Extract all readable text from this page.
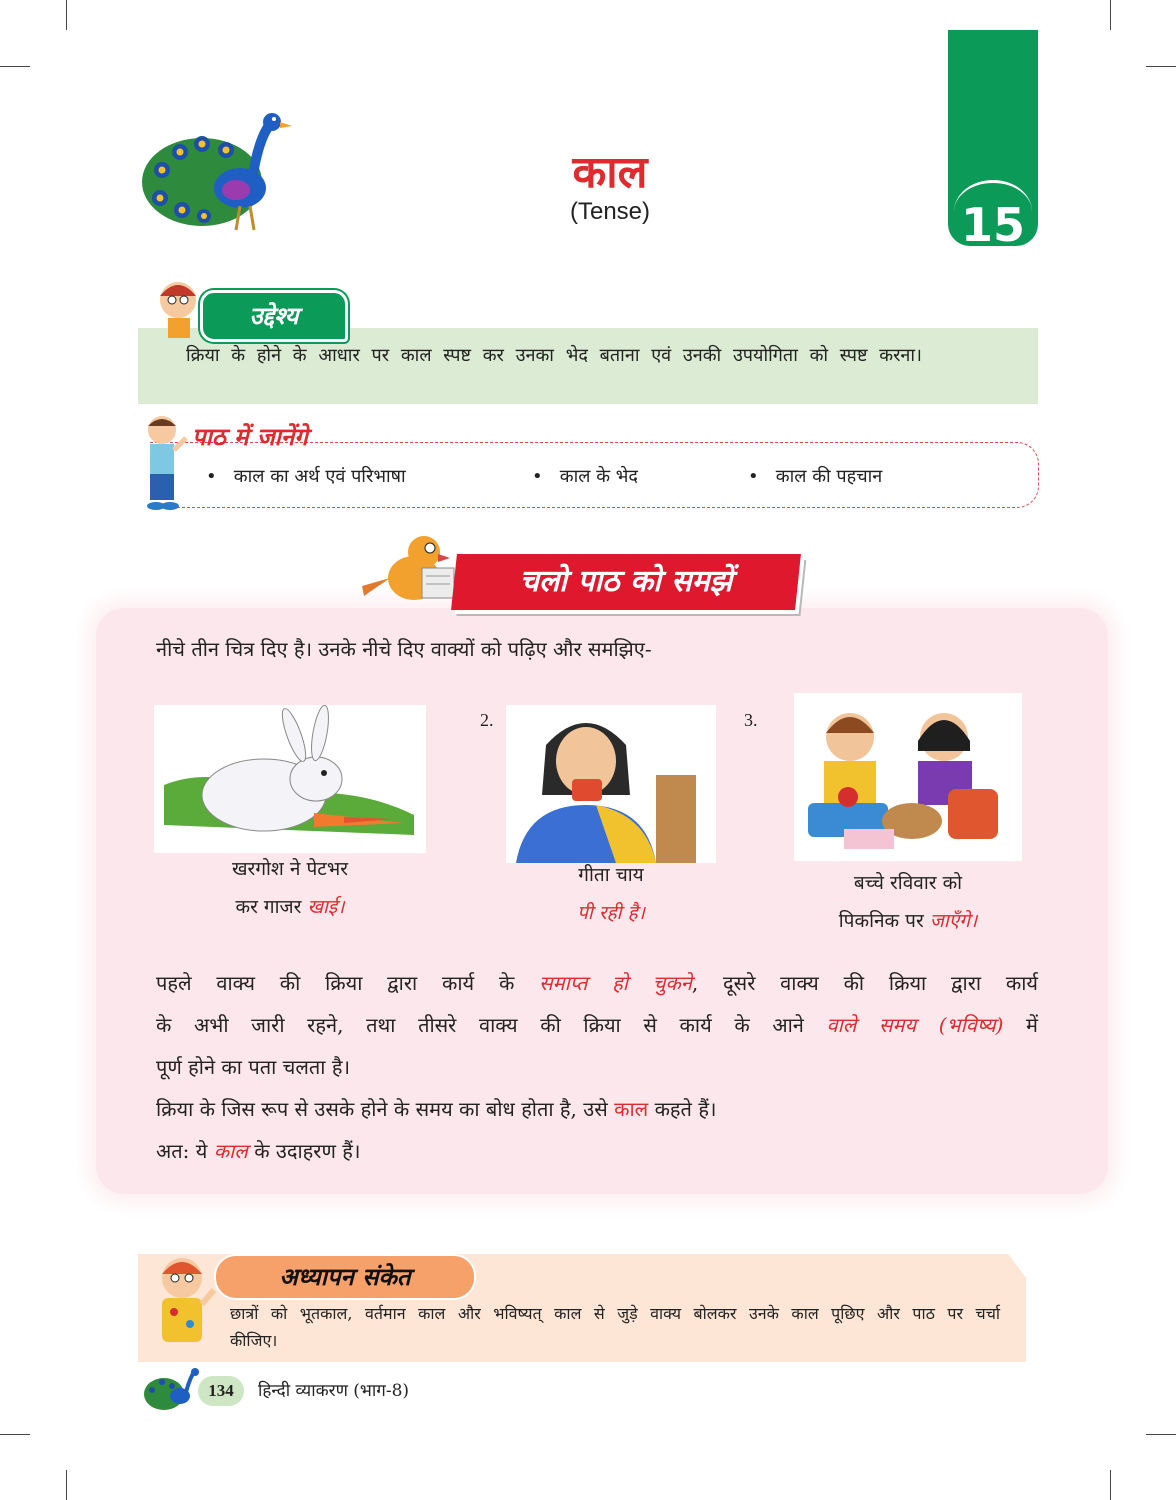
काल
(Tense)	15
उद्देश्य
क्रिया के होने के आधार पर काल स्पष्ट कर उनका भेद बताना एवं उनकी उपयोगिता को स्पष्ट करना।
पाठ में जानेंगे
•   काल का अर्थ एवं परिभाषा	•   काल के भेद	•   काल की पहचान
चलो पाठ को समझें
नीचे तीन चित्र दिए है। उनके नीचे दिए वाक्यों को पढ़िए और समझिए-
खरगोश ने पेटभर
कर गाजर खाई।
2.
गीता चाय
पी रही है।
3.
बच्चे रविवार को
पिकनिक पर जाएँगे।
पहले वाक्य की क्रिया द्वारा कार्य के समाप्त हो चुकने, दूसरे वाक्य की क्रिया द्वारा कार्य
के अभी जारी रहने, तथा तीसरे वाक्य की क्रिया से कार्य के आने वाले समय (भविष्य) में
पूर्ण होने का पता चलता है।
क्रिया के जिस रूप से उसके होने के समय का बोध होता है, उसे काल कहते हैं।
अत: ये काल के उदाहरण हैं।
अध्यापन संकेत
छात्रों को भूतकाल, वर्तमान काल और भविष्यत् काल से जुड़े वाक्य बोलकर उनके काल पूछिए और पाठ पर चर्चा कीजिए।
134	हिन्दी व्याकरण (भाग-8)
